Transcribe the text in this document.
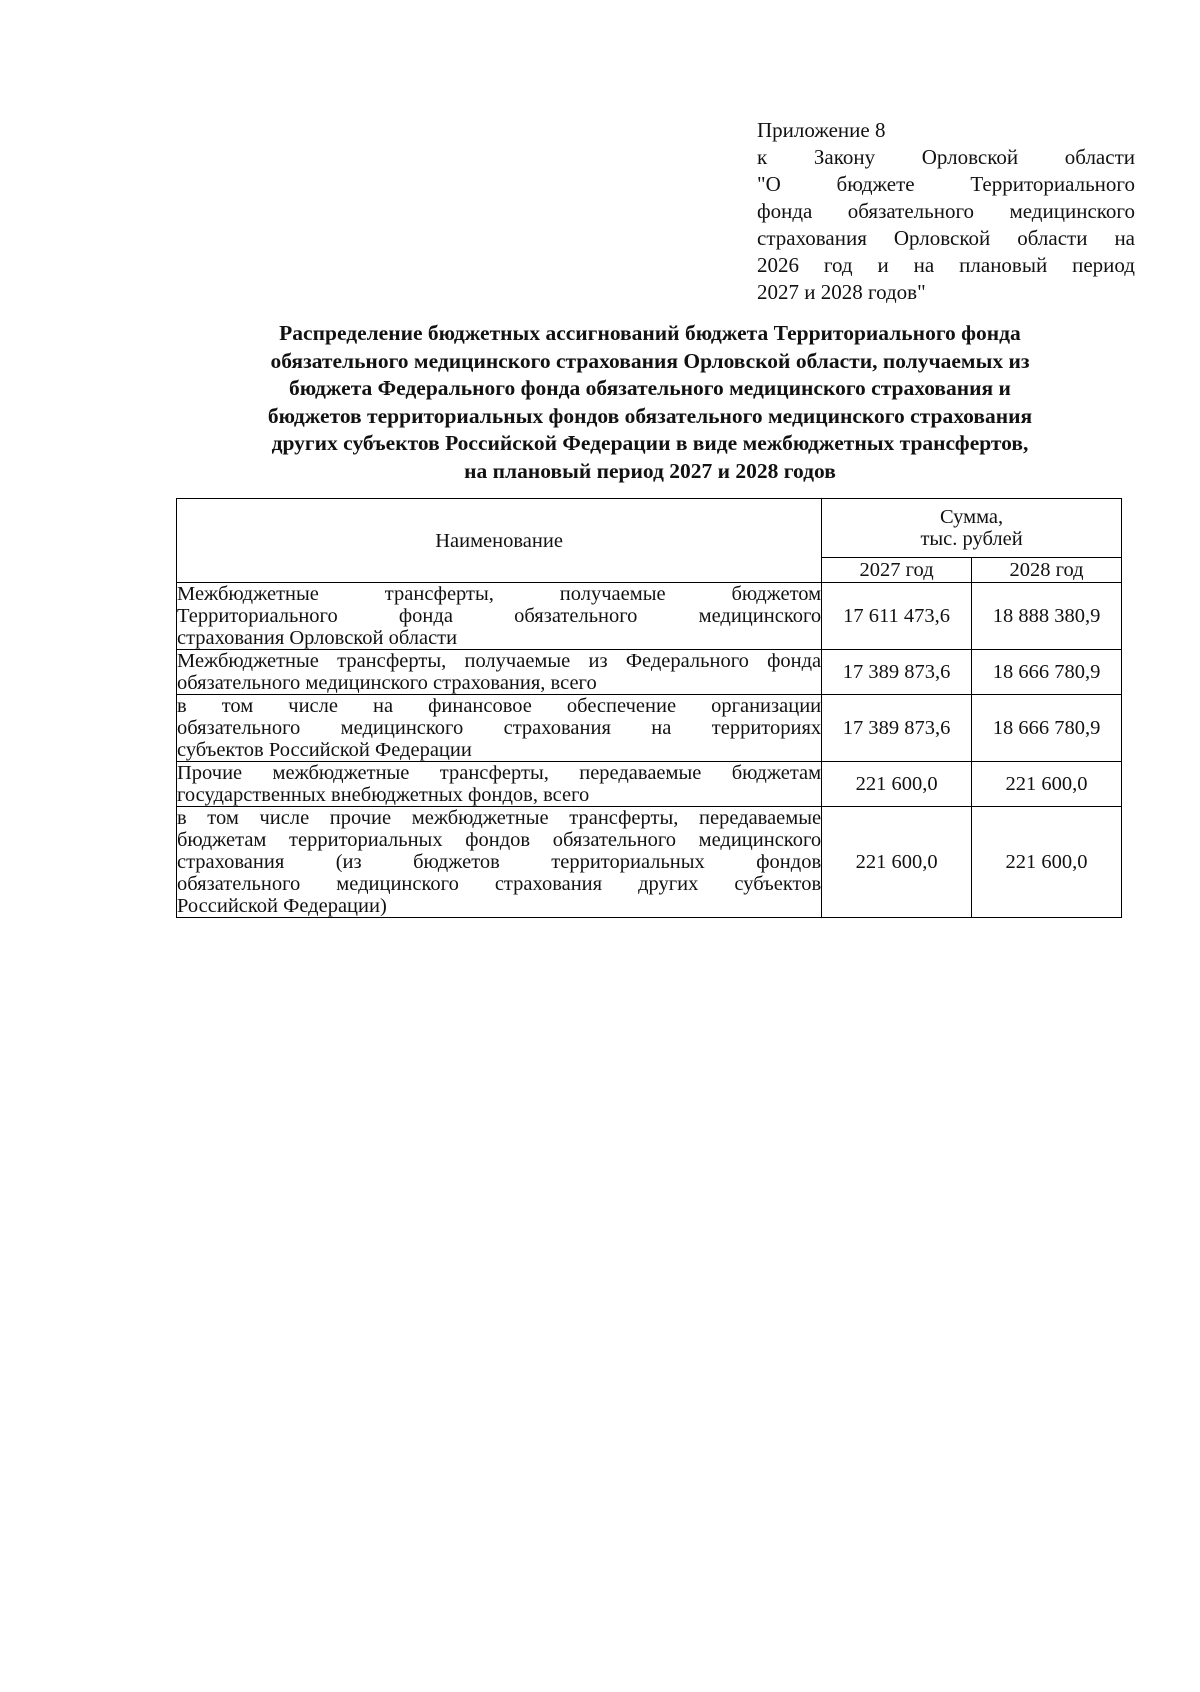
Приложение 8
к Закону Орловской области
"О бюджете Территориального
фонда обязательного медицинского
страхования Орловской области на
2026 год и на плановый период
2027 и 2028 годов"
Распределение бюджетных ассигнований бюджета Территориального фонда
обязательного медицинского страхования Орловской области, получаемых из
бюджета Федерального фонда обязательного медицинского страхования и
бюджетов территориальных фондов обязательного медицинского страхования
других субъектов Российской Федерации в виде межбюджетных трансфертов,
на плановый период 2027 и 2028 годов
Наименование	Сумма,
тыс. рублей	

	2027 год	2028 год

Межбюджетные трансферты, получаемые бюджетом
Территориального фонда обязательного медицинского
страхования Орловской области	17 611 473,6	18 888 380,9

Межбюджетные трансферты, получаемые из Федерального фонда
обязательного медицинского страхования, всего	17 389 873,6	18 666 780,9

в том числе на финансовое обеспечение организации
обязательного медицинского страхования на территориях
субъектов Российской Федерации	17 389 873,6	18 666 780,9

Прочие межбюджетные трансферты, передаваемые бюджетам
государственных внебюджетных фондов, всего	221 600,0	221 600,0

в том числе прочие межбюджетные трансферты, передаваемые
бюджетам территориальных фондов обязательного медицинского
страхования (из бюджетов территориальных фондов
обязательного медицинского страхования других субъектов
Российской Федерации)	221 600,0	221 600,0
